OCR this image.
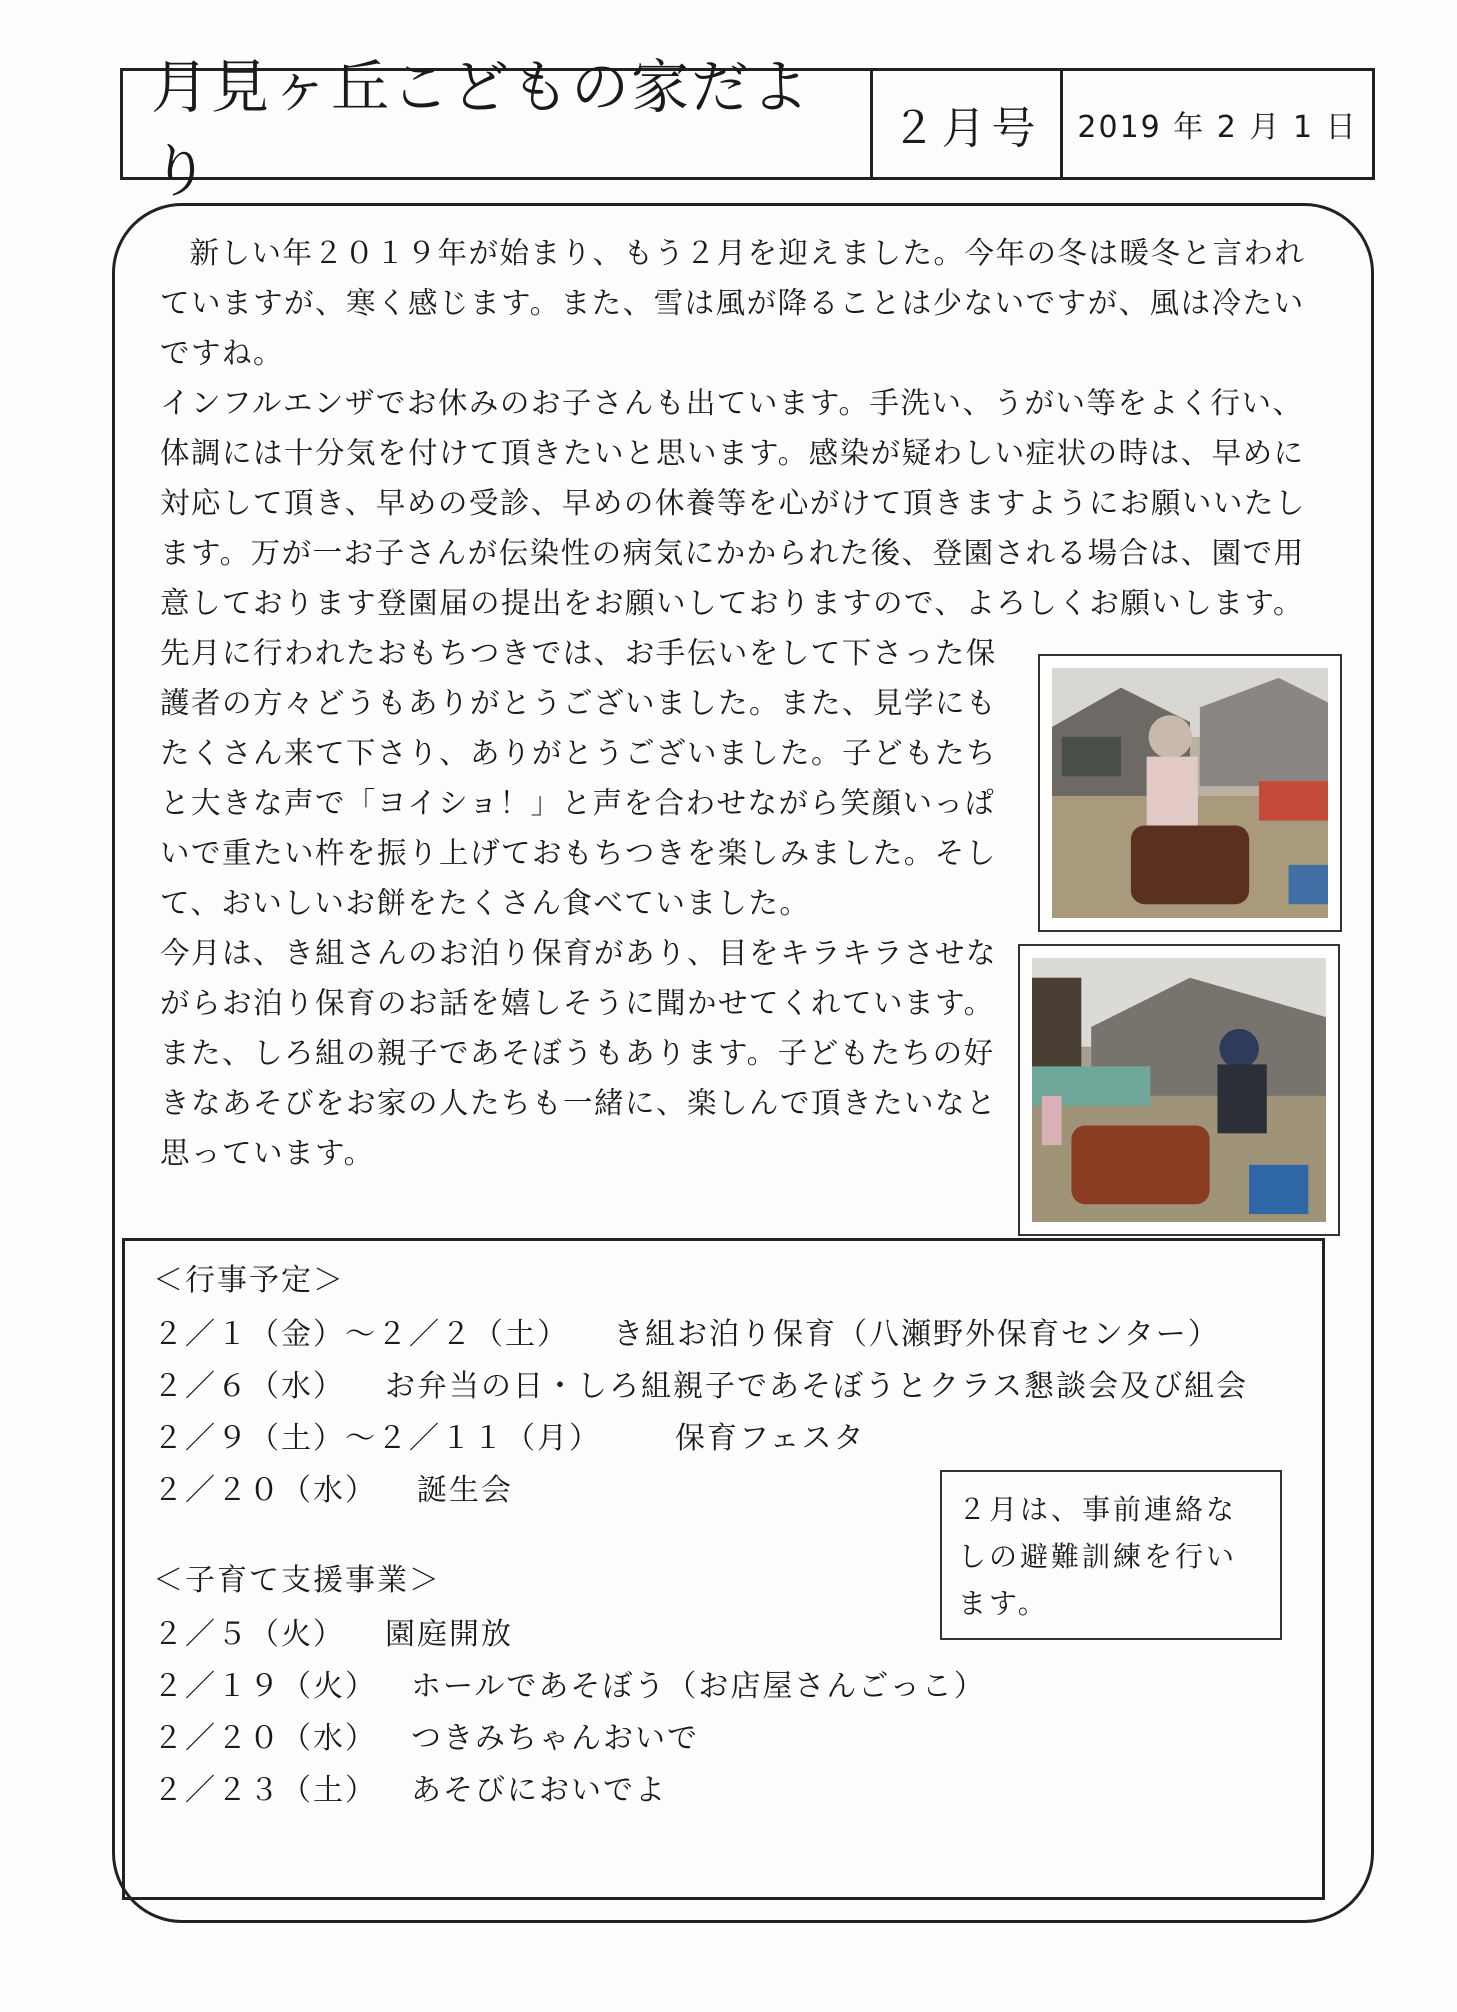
月見ヶ丘こどもの家だより
２月号	2019 年 2 月 1 日

新しい年２０１９年が始まり、もう２月を迎えました。今年の冬は暖冬と言われていますが、寒く感じます。また、雪は風が降ることは少ないですが、風は冷たいですね。

インフルエンザでお休みのお子さんも出ています。手洗い、うがい等をよく行い、体調には十分気を付けて頂きたいと思います。感染が疑わしい症状の時は、早めに対応して頂き、早めの受診、早めの休養等を心がけて頂きますようにお願いいたします。万が一お子さんが伝染性の病気にかかられた後、登園される場合は、園で用意しております登園届の提出をお願いしておりますので、よろしくお願いします。

先月に行われたおもちつきでは、お手伝いをして下さった保護者の方々どうもありがとうございました。また、見学にもたくさん来て下さり、ありがとうございました。子どもたちと大きな声で「ヨイショ！」と声を合わせながら笑顔いっぱいで重たい杵を振り上げておもちつきを楽しみました。そして、おいしいお餅をたくさん食べていました。

今月は、き組さんのお泊り保育があり、目をキラキラさせながらお泊り保育のお話を嬉しそうに聞かせてくれています。また、しろ組の親子であそぼうもあります。子どもたちの好きなあそびをお家の人たちも一緒に、楽しんで頂きたいなと思っています。

＜行事予定＞
２／１（金）～２／２（土）	き組お泊り保育（八瀬野外保育センター）
２／６（水）	お弁当の日・しろ組親子であそぼうとクラス懇談会及び組会
２／９（土）～２／１１（月）	保育フェスタ
２／２０（水）	誕生会
＜子育て支援事業＞
２／５（火）	園庭開放
２／１９（火）	ホールであそぼう（お店屋さんごっこ）
２／２０（水）	つきみちゃんおいで
２／２３（土）	あそびにおいでよ
２月は、事前連絡なしの避難訓練を行います。
